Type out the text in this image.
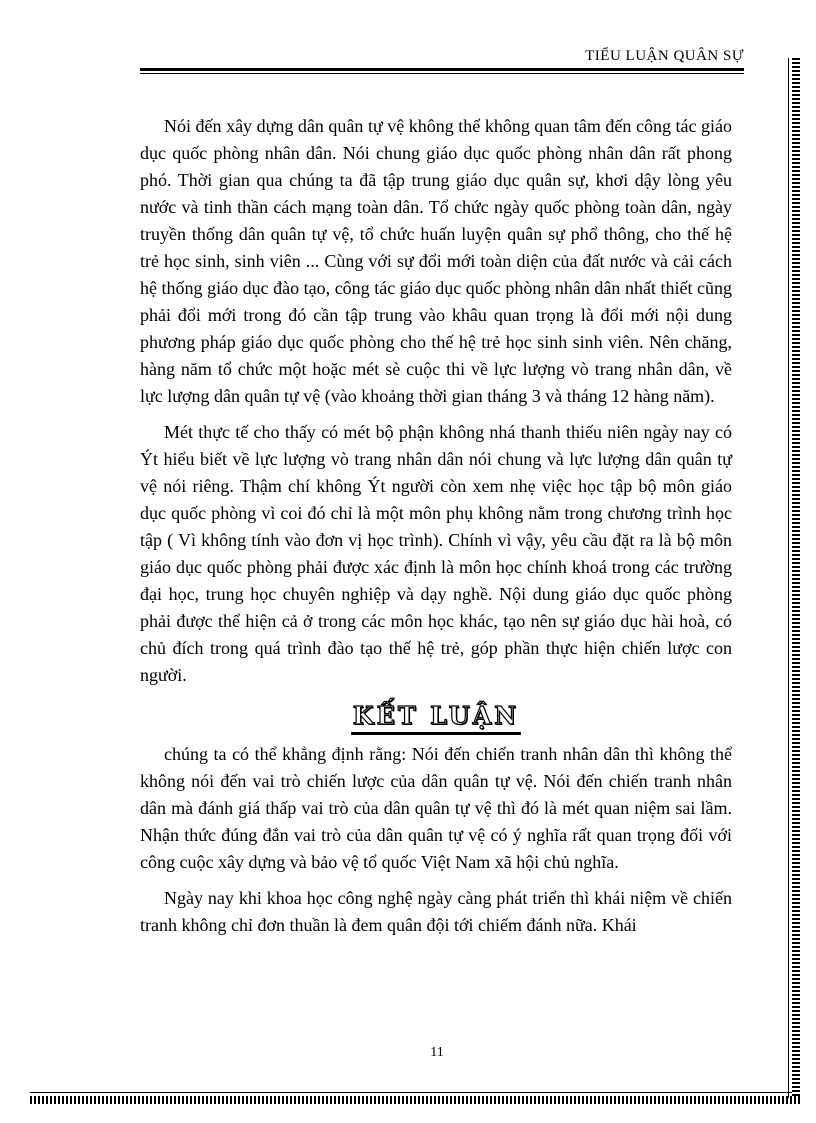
TIỂU LUẬN QUÂN SỰ

Nói đến xây dựng dân quân tự vệ không thể không quan tâm đến công tác giáo dục quốc phòng nhân dân. Nói chung giáo dục quốc phòng nhân dân rất phong phó. Thời gian qua chúng ta đã tập trung giáo dục quân sự, khơi dậy lòng yêu nước và tinh thần cách mạng toàn dân. Tổ chức ngày quốc phòng toàn dân, ngày truyền thống dân quân tự vệ, tổ chức huấn luyện quân sự phổ thông, cho thế hệ trẻ học sinh, sinh viên ... Cùng với sự đổi mới toàn diện của đất nước và cải cách hệ thống giáo dục đào tạo, công tác giáo dục quốc phòng nhân dân nhất thiết cũng phải đổi mới trong đó cần tập trung vào khâu quan trọng là đổi mới nội dung phương pháp giáo dục quốc phòng cho thế hệ trẻ học sinh sinh viên. Nên chăng, hàng năm tổ chức một hoặc mét sè cuộc thi về lực lượng vò trang nhân dân, về lực lượng dân quân tự vệ (vào khoảng thời gian tháng 3 và tháng 12 hàng năm).

Mét thực tế cho thấy có mét bộ phận không nhá thanh thiếu niên ngày nay có Ýt hiểu biết về lực lượng vò trang nhân dân nói chung và lực lượng dân quân tự vệ nói riêng. Thậm chí không Ýt người còn xem nhẹ việc học tập bộ môn giáo dục quốc phòng vì coi đó chỉ là một môn phụ không nằm trong chương trình học tập ( Vì không tính vào đơn vị học trình). Chính vì vậy, yêu cầu đặt ra là bộ môn giáo dục quốc phòng phải được xác định là môn học chính khoá trong các trường đại học, trung học chuyên nghiệp và dạy nghề. Nội dung giáo dục quốc phòng phải được thể hiện cả ở trong các môn học khác, tạo nên sự giáo dục hài hoà, có chủ đích trong quá trình đào tạo thế hệ trẻ, góp phần thực hiện chiến lược con người.

KẾT LUẬN

chúng ta có thể khẳng định rằng: Nói đến chiến tranh nhân dân thì không thể không nói đến vai trò chiến lược của dân quân tự vệ. Nói đến chiến tranh nhân dân mà đánh giá thấp vai trò của dân quân tự vệ thì đó là mét quan niệm sai lầm. Nhận thức đúng đắn vai trò của dân quân tự vệ có ý nghĩa rất quan trọng đối với công cuộc xây dựng và bảo vệ tổ quốc Việt Nam xã hội chủ nghĩa.

Ngày nay khi khoa học công nghệ ngày càng phát triển thì khái niệm về chiến tranh không chỉ đơn thuần là đem quân đội tới chiếm đánh nữa. Khái

11
